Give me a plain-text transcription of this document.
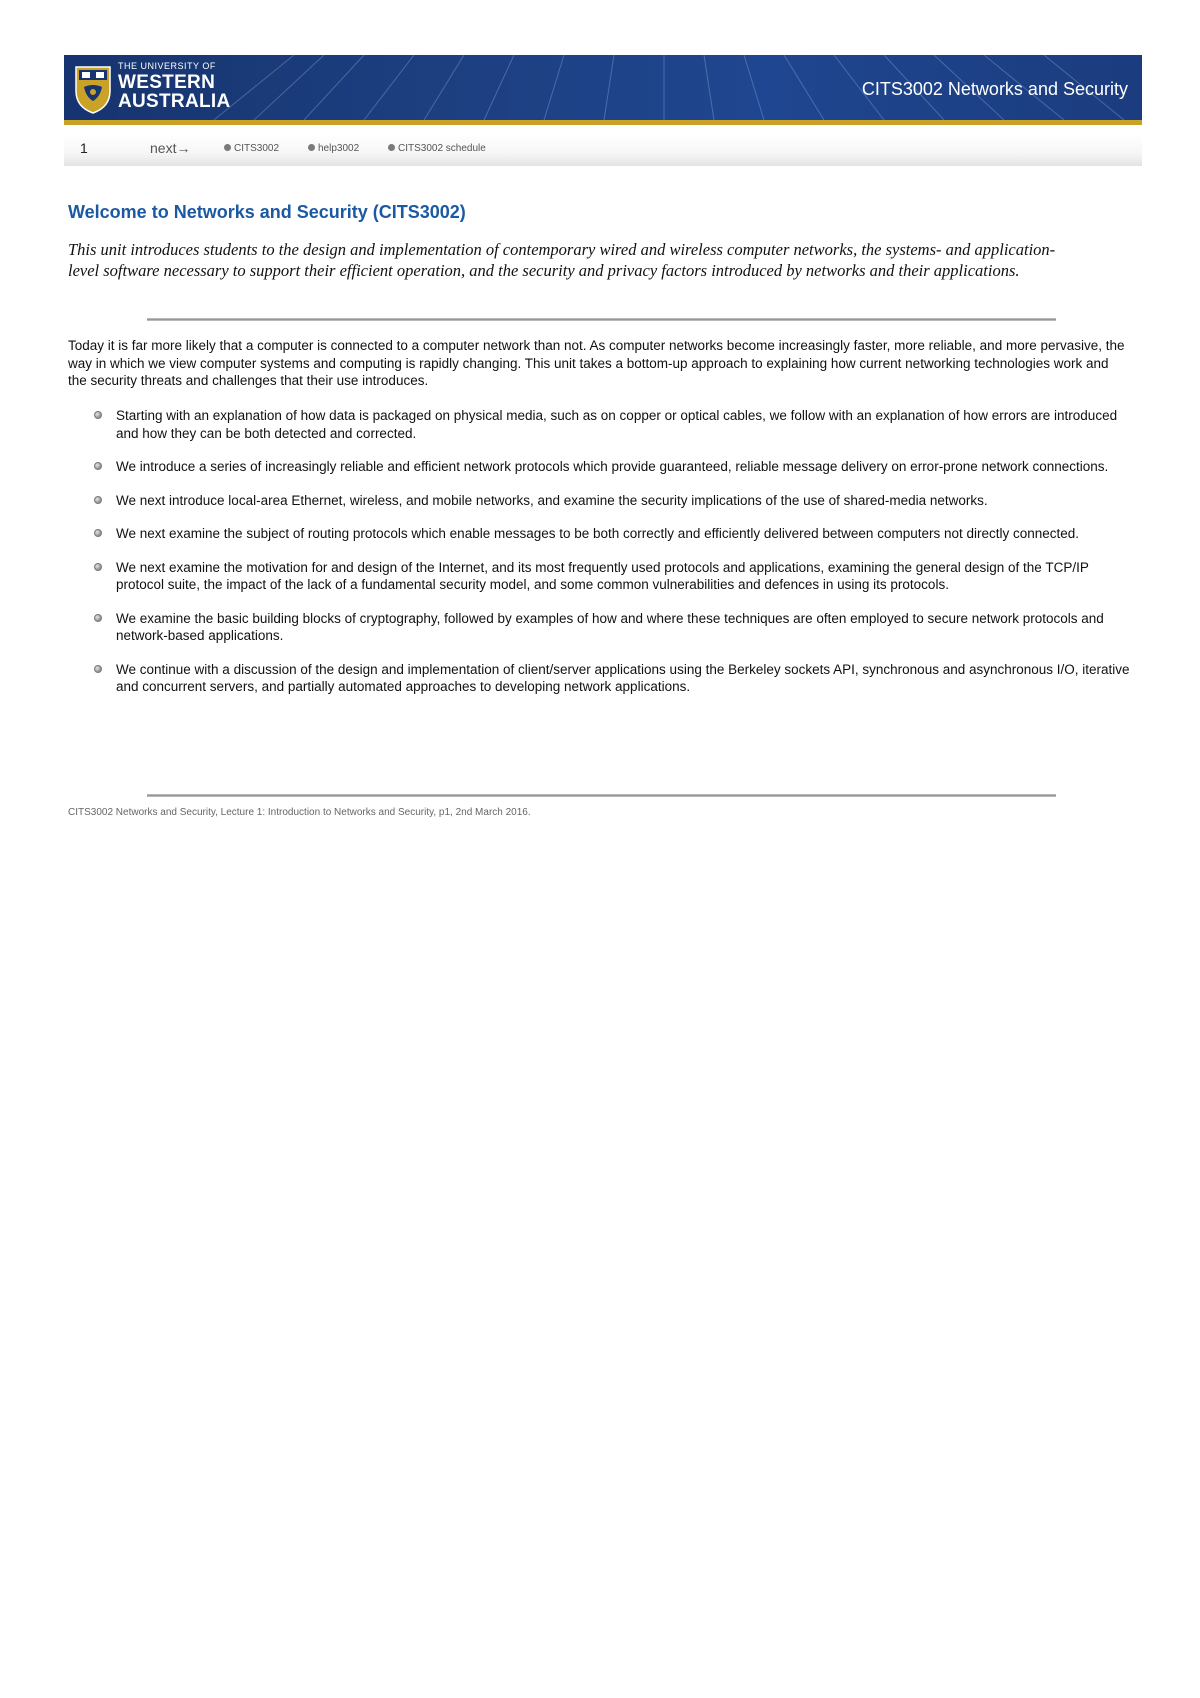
THE UNIVERSITY OF
WESTERN
AUSTRALIA
CITS3002 Networks and Security
1	next→	CITS3002	help3002	CITS3002 schedule
Welcome to Networks and Security (CITS3002)

This unit introduces students to the design and implementation of contemporary wired and wireless computer networks, the systems- and application-level software necessary to support their efficient operation, and the security and privacy factors introduced by networks and their applications.

Today it is far more likely that a computer is connected to a computer network than not. As computer networks become increasingly faster, more reliable, and more pervasive, the way in which we view computer systems and computing is rapidly changing. This unit takes a bottom-up approach to explaining how current networking technologies work and the security threats and challenges that their use introduces.

Starting with an explanation of how data is packaged on physical media, such as on copper or optical cables, we follow with an explanation of how errors are introduced and how they can be both detected and corrected.
We introduce a series of increasingly reliable and efficient network protocols which provide guaranteed, reliable message delivery on error-prone network connections.
We next introduce local-area Ethernet, wireless, and mobile networks, and examine the security implications of the use of shared-media networks.
We next examine the subject of routing protocols which enable messages to be both correctly and efficiently delivered between computers not directly connected.
We next examine the motivation for and design of the Internet, and its most frequently used protocols and applications, examining the general design of the TCP/IP protocol suite, the impact of the lack of a fundamental security model, and some common vulnerabilities and defences in using its protocols.
We examine the basic building blocks of cryptography, followed by examples of how and where these techniques are often employed to secure network protocols and network-based applications.
We continue with a discussion of the design and implementation of client/server applications using the Berkeley sockets API, synchronous and asynchronous I/O, iterative and concurrent servers, and partially automated approaches to developing network applications.
CITS3002 Networks and Security, Lecture 1: Introduction to Networks and Security, p1, 2nd March 2016.
